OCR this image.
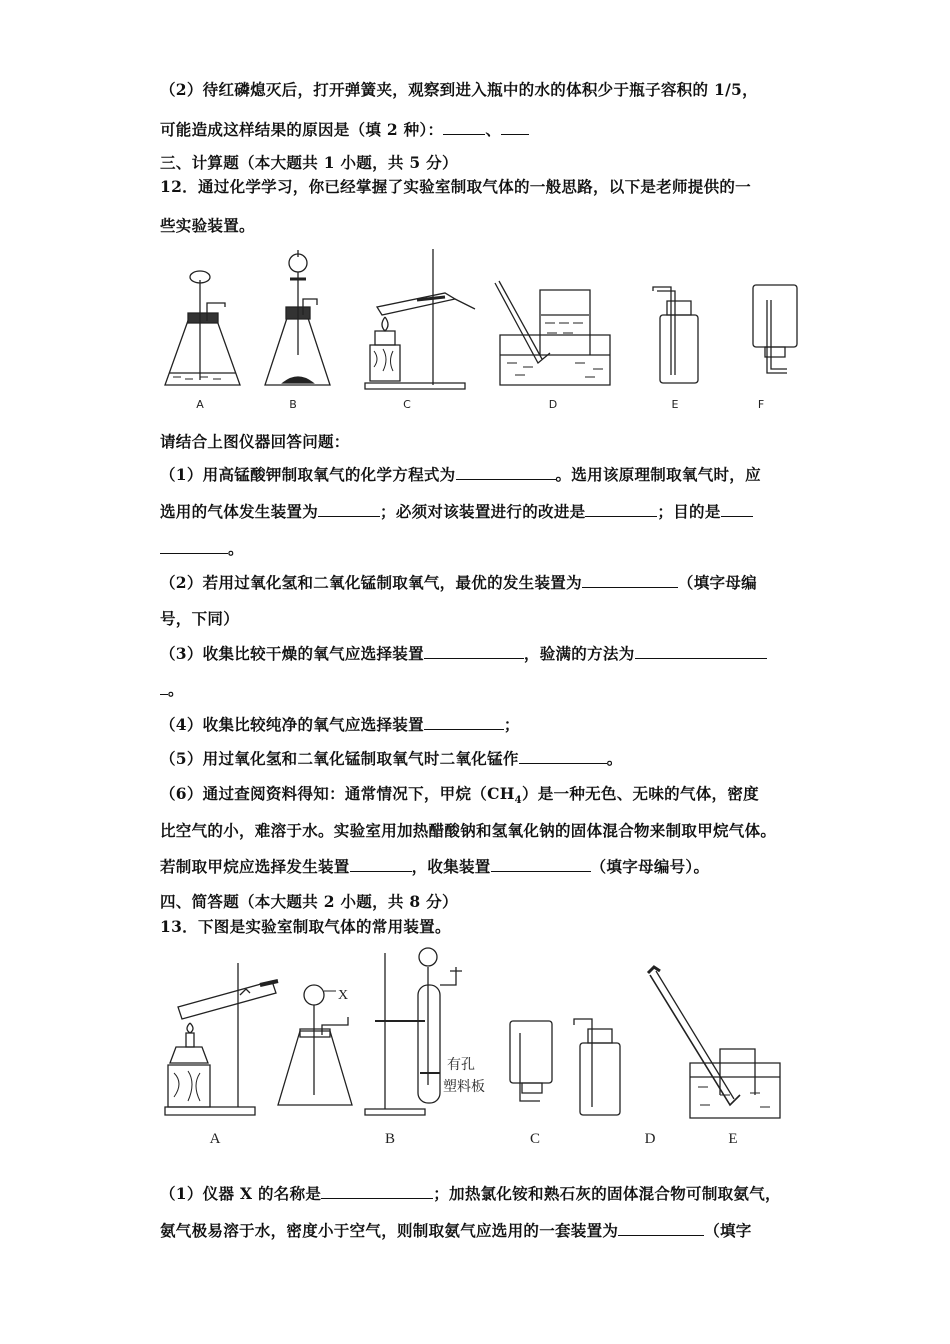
（2）待红磷熄灭后，打开弹簧夹，观察到进入瓶中的水的体积少于瓶子容积的 1/5，
可能造成这样结果的原因是（填 2 种）：	、
三、计算题（本大题共 1 小题，共 5 分）
12．通过化学学习，你已经掌握了实验室制取气体的一般思路，以下是老师提供的一
些实验装置。
A	B	C	D	E	F
请结合上图仪器回答问题：
（1）用高锰酸钾制取氧气的化学方程式为	。选用该原理制取氧气时，应
选用的气体发生装置为	；必须对该装置进行的改进是	；目的是
。
（2）若用过氧化氢和二氧化锰制取氧气，最优的发生装置为	（填字母编
号，下同）
（3）收集比较干燥的氧气应选择装置	，验满的方法为
。
（4）收集比较纯净的氧气应选择装置	；
（5）用过氧化氢和二氧化锰制取氧气时二氧化锰作	。
（6）通过查阅资料得知：通常情况下，甲烷$(CH_4)$是一种无色、无味的气体，密度
比空气的小，难溶于水。实验室用加热醋酸钠和氢氧化钠的固体混合物来制取甲烷气体。
若制取甲烷应选择发生装置	，收集装置	（填字母编号）。
四、简答题（本大题共 2 小题，共 8 分）
13．下图是实验室制取气体的常用装置。
X
有孔
塑料板
A	B	C	D	E
（1）仪器 X 的名称是	；加热氯化铵和熟石灰的固体混合物可制取氨气，
氨气极易溶于水，密度小于空气，则制取氨气应选用的一套装置为	（填字
